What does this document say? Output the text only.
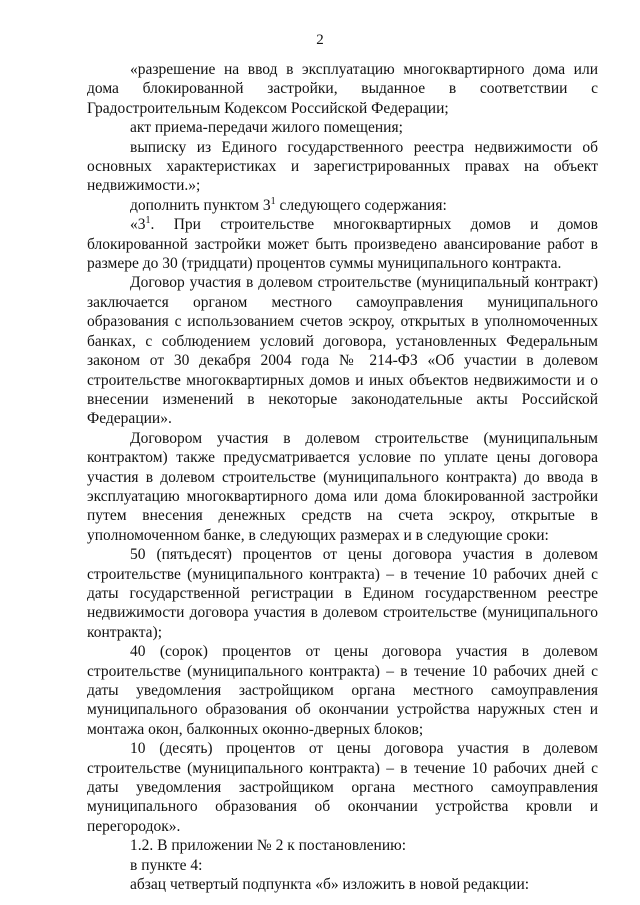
2

«разрешение на ввод в эксплуатацию многоквартирного дома или дома блокированной застройки, выданное в соответствии с Градостроительным Кодексом Российской Федерации;

акт приема-передачи жилого помещения;

выписку из Единого государственного реестра недвижимости об основных характеристиках и зарегистрированных правах на объект недвижимости.»;

дополнить пунктом $3^1$ следующего содержания:

«$3^1$. При строительстве многоквартирных домов и домов блокированной застройки может быть произведено авансирование работ в размере до 30 (тридцати) процентов суммы муниципального контракта.

Договор участия в долевом строительстве (муниципальный контракт) заключается органом местного самоуправления муниципального образования с использованием счетов эскроу, открытых в уполномоченных банках, с соблюдением условий договора, установленных Федеральным законом от 30 декабря 2004 года № 214-ФЗ «Об участии в долевом строительстве многоквартирных домов и иных объектов недвижимости и о внесении изменений в некоторые законодательные акты Российской Федерации».

Договором участия в долевом строительстве (муниципальным контрактом) также предусматривается условие по уплате цены договора участия в долевом строительстве (муниципального контракта) до ввода в эксплуатацию многоквартирного дома или дома блокированной застройки путем внесения денежных средств на счета эскроу, открытые в уполномоченном банке, в следующих размерах и в следующие сроки:

50 (пятьдесят) процентов от цены договора участия в долевом строительстве (муниципального контракта) – в течение 10 рабочих дней с даты государственной регистрации в Едином государственном реестре недвижимости договора участия в долевом строительстве (муниципального контракта);

40 (сорок) процентов от цены договора участия в долевом строительстве (муниципального контракта) – в течение 10 рабочих дней с даты уведомления застройщиком органа местного самоуправления муниципального образования об окончании устройства наружных стен и монтажа окон, балконных оконно-дверных блоков;

10 (десять) процентов от цены договора участия в долевом строительстве (муниципального контракта) – в течение 10 рабочих дней с даты уведомления застройщиком органа местного самоуправления муниципального образования об окончании устройства кровли и перегородок».

1.2. В приложении № 2 к постановлению:

в пункте 4:

абзац четвертый подпункта «б» изложить в новой редакции:
